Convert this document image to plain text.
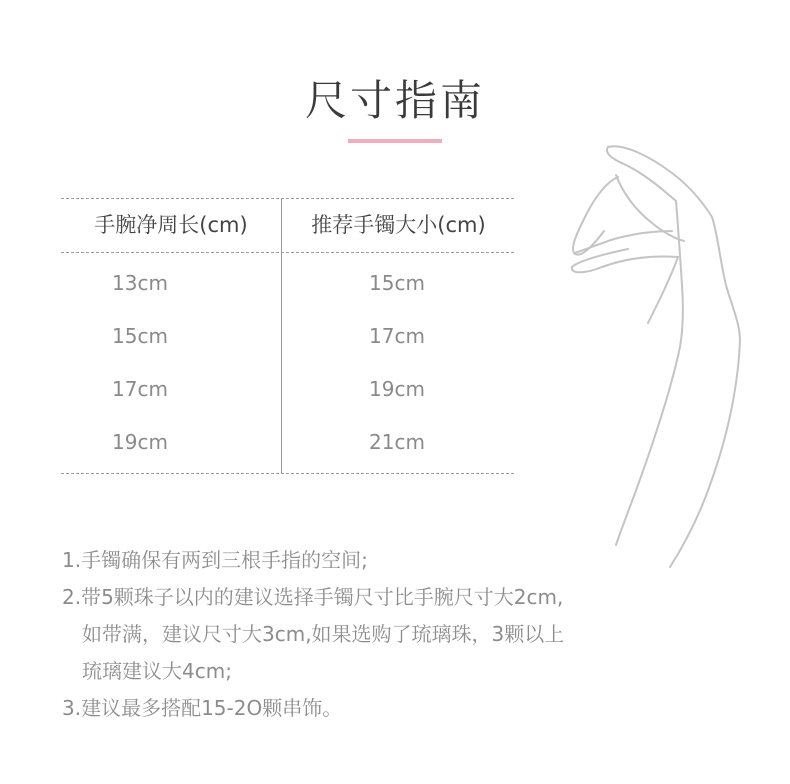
尺寸指南
手腕净周长(cm)	推荐手镯大小(cm)
13cm	15cm
15cm	17cm
17cm	19cm
19cm	21cm
1.手镯确保有两到三根手指的空间;
2.带5颗珠子以内的建议选择手镯尺寸比手腕尺寸大2cm,
如带满，建议尺寸大3cm,如果选购了琉璃珠，3颗以上
琉璃建议大4cm;
3.建议最多搭配15-2O颗串饰。
